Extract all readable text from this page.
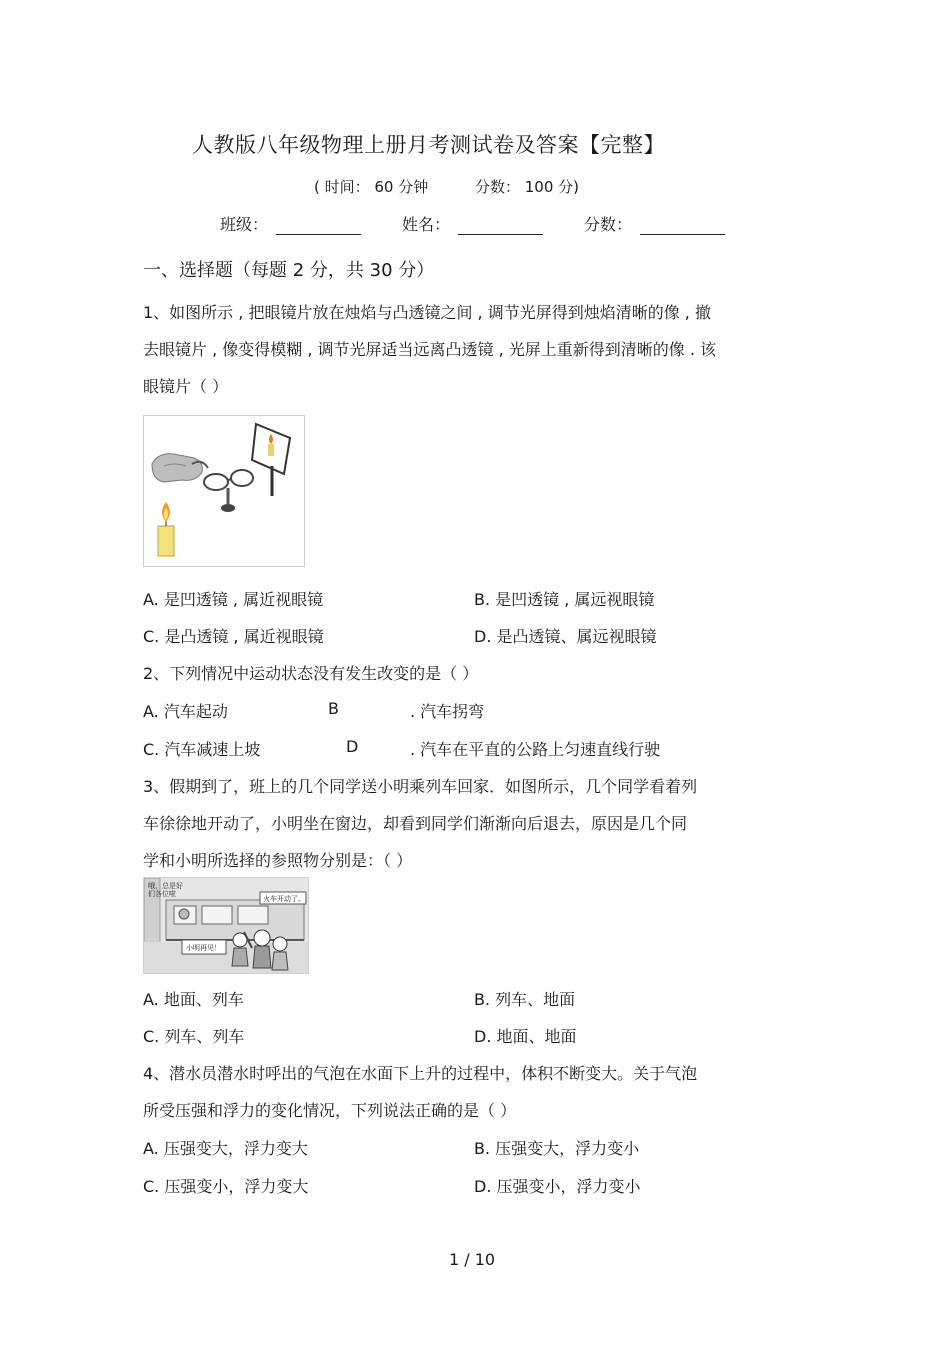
人教版八年级物理上册月考测试卷及答案【完整】
( 时间： 60 分钟	分数： 100 分)
班级：	姓名：	分数：
一、选择题（每题 2 分，共 30 分）
1、如图所示 , 把眼镜片放在烛焰与凸透镜之间 , 调节光屏得到烛焰清晰的像 , 撤
去眼镜片 , 像变得模糊 , 调节光屏适当远离凸透镜 , 光屏上重新得到清晰的像 . 该
眼镜片（ ）
A. 是凹透镜 , 属近视眼镜	B. 是凹透镜 , 属远视眼镜
C. 是凸透镜 , 属近视眼镜	D. 是凸透镜、属远视眼镜
2、下列情况中运动状态没有发生改变的是（ ）
A. 汽车起动	B	. 汽车拐弯
C. 汽车减速上坡	D	. 汽车在平直的公路上匀速直线行驶
3、假期到了，班上的几个同学送小明乘列车回家．如图所示，几个同学看着列
车徐徐地开动了，小明坐在窗边，却看到同学们渐渐向后退去，原因是几个同
学和小明所选择的参照物分别是：（ ）
哦，总是好
们各位啦
火车开动了。
小明再见！
A. 地面、列车	B. 列车、地面
C. 列车、列车	D. 地面、地面
4、潜水员潜水时呼出的气泡在水面下上升的过程中，体积不断变大。关于气泡
所受压强和浮力的变化情况，下列说法正确的是（ ）
A. 压强变大，浮力变大	B. 压强变大，浮力变小
C. 压强变小，浮力变大	D. 压强变小，浮力变小
1 / 10
